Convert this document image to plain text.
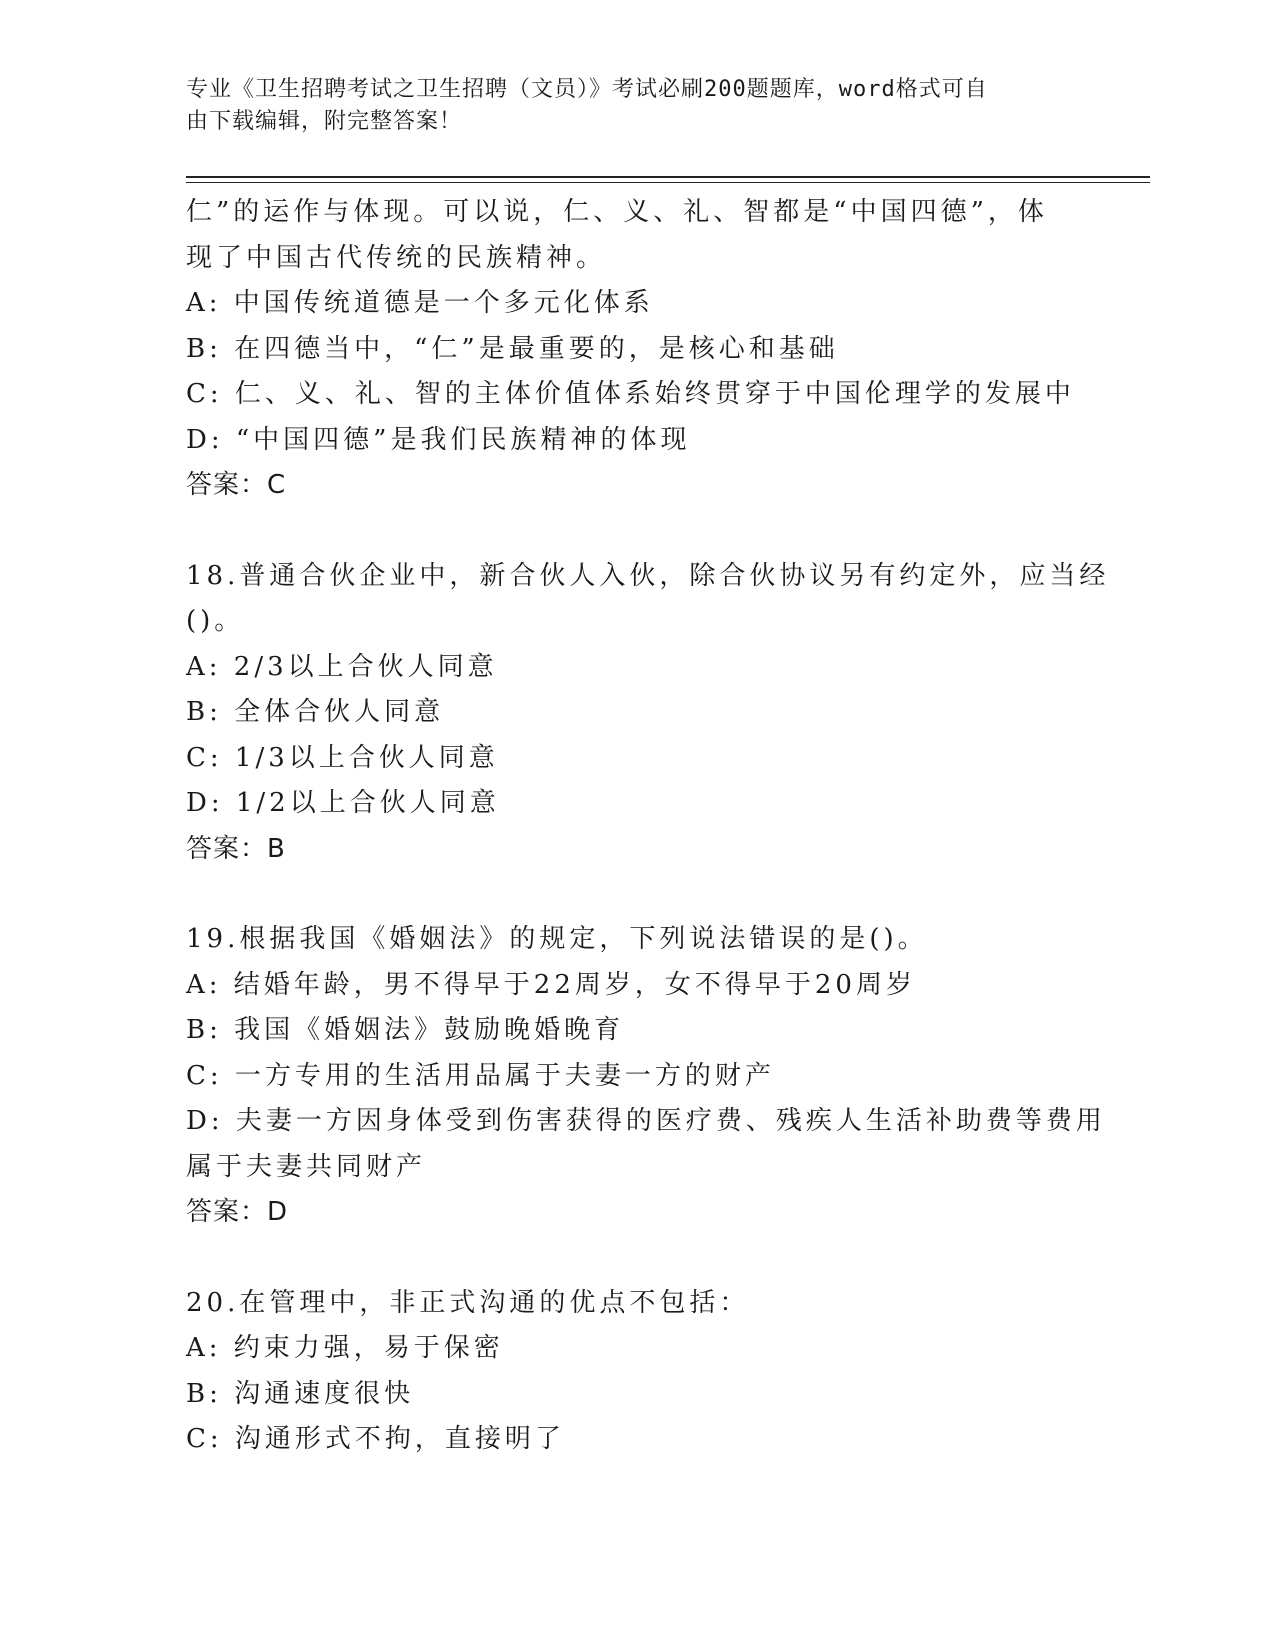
专业《卫生招聘考试之卫生招聘（文员）》考试必刷200题题库，word格式可自
由下载编辑，附完整答案！
仁”的运作与体现。可以说，仁、义、礼、智都是“中国四德”，体
现了中国古代传统的民族精神。
A: 中国传统道德是一个多元化体系
B: 在四德当中，“仁”是最重要的，是核心和基础
C: 仁、义、礼、智的主体价值体系始终贯穿于中国伦理学的发展中
D: “中国四德”是我们民族精神的体现
答案：C
18.普通合伙企业中，新合伙人入伙，除合伙协议另有约定外，应当经
()。
A: 2/3以上合伙人同意
B: 全体合伙人同意
C: 1/3以上合伙人同意
D: 1/2以上合伙人同意
答案：B
19.根据我国《婚姻法》的规定，下列说法错误的是()。
A: 结婚年龄，男不得早于22周岁，女不得早于20周岁
B: 我国《婚姻法》鼓励晚婚晚育
C: 一方专用的生活用品属于夫妻一方的财产
D: 夫妻一方因身体受到伤害获得的医疗费、残疾人生活补助费等费用
属于夫妻共同财产
答案：D
20.在管理中，非正式沟通的优点不包括：
A: 约束力强，易于保密
B: 沟通速度很快
C: 沟通形式不拘，直接明了
